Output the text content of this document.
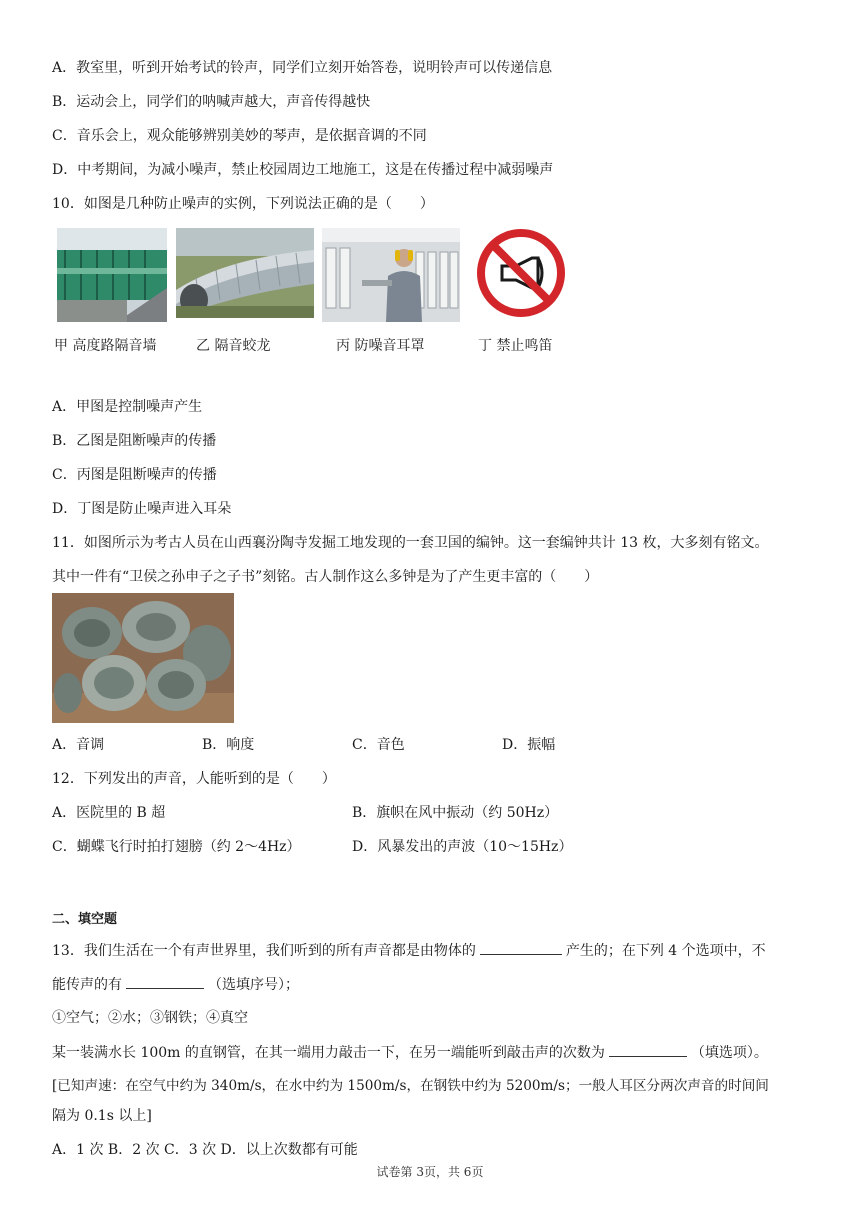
A．教室里，听到开始考试的铃声，同学们立刻开始答卷，说明铃声可以传递信息
B．运动会上，同学们的呐喊声越大，声音传得越快
C．音乐会上，观众能够辨别美妙的琴声，是依据音调的不同
D．中考期间，为减小噪声，禁止校园周边工地施工，这是在传播过程中减弱噪声
10．如图是几种防止噪声的实例，下列说法正确的是（　　）
甲 高度路隔音墙	乙 隔音蛟龙	丙 防噪音耳罩	丁 禁止鸣笛
A．甲图是控制噪声产生
B．乙图是阻断噪声的传播
C．丙图是阻断噪声的传播
D．丁图是防止噪声进入耳朵
11．如图所示为考古人员在山西襄汾陶寺发掘工地发现的一套卫国的编钟。这一套编钟共计 13 枚，大多刻有铭文。
其中一件有“卫侯之孙申子之子书”刻铭。古人制作这么多钟是为了产生更丰富的（　　）
A．音调	B．响度	C．音色	D．振幅
12．下列发出的声音，人能听到的是（　　）
A．医院里的 B 超	B．旗帜在风中振动（约 50Hz）
C．蝴蝶飞行时拍打翅膀（约 2～4Hz）	D．风暴发出的声波（10～15Hz）
二、填空题
13．我们生活在一个有声世界里，我们听到的所有声音都是由物体的	产生的；在下列 4 个选项中，不
能传声的有	（选填序号）；
①空气；②水；③钢铁；④真空
某一装满水长 100m 的直钢管，在其一端用力敲击一下，在另一端能听到敲击声的次数为	（填选项）。
[已知声速：在空气中约为 340m/s，在水中约为 1500m/s，在钢铁中约为 5200m/s；一般人耳区分两次声音的时间间
隔为 0.1s 以上]
A．1 次 B．2 次 C．3 次 D．以上次数都有可能
试卷第 3页，共 6页
